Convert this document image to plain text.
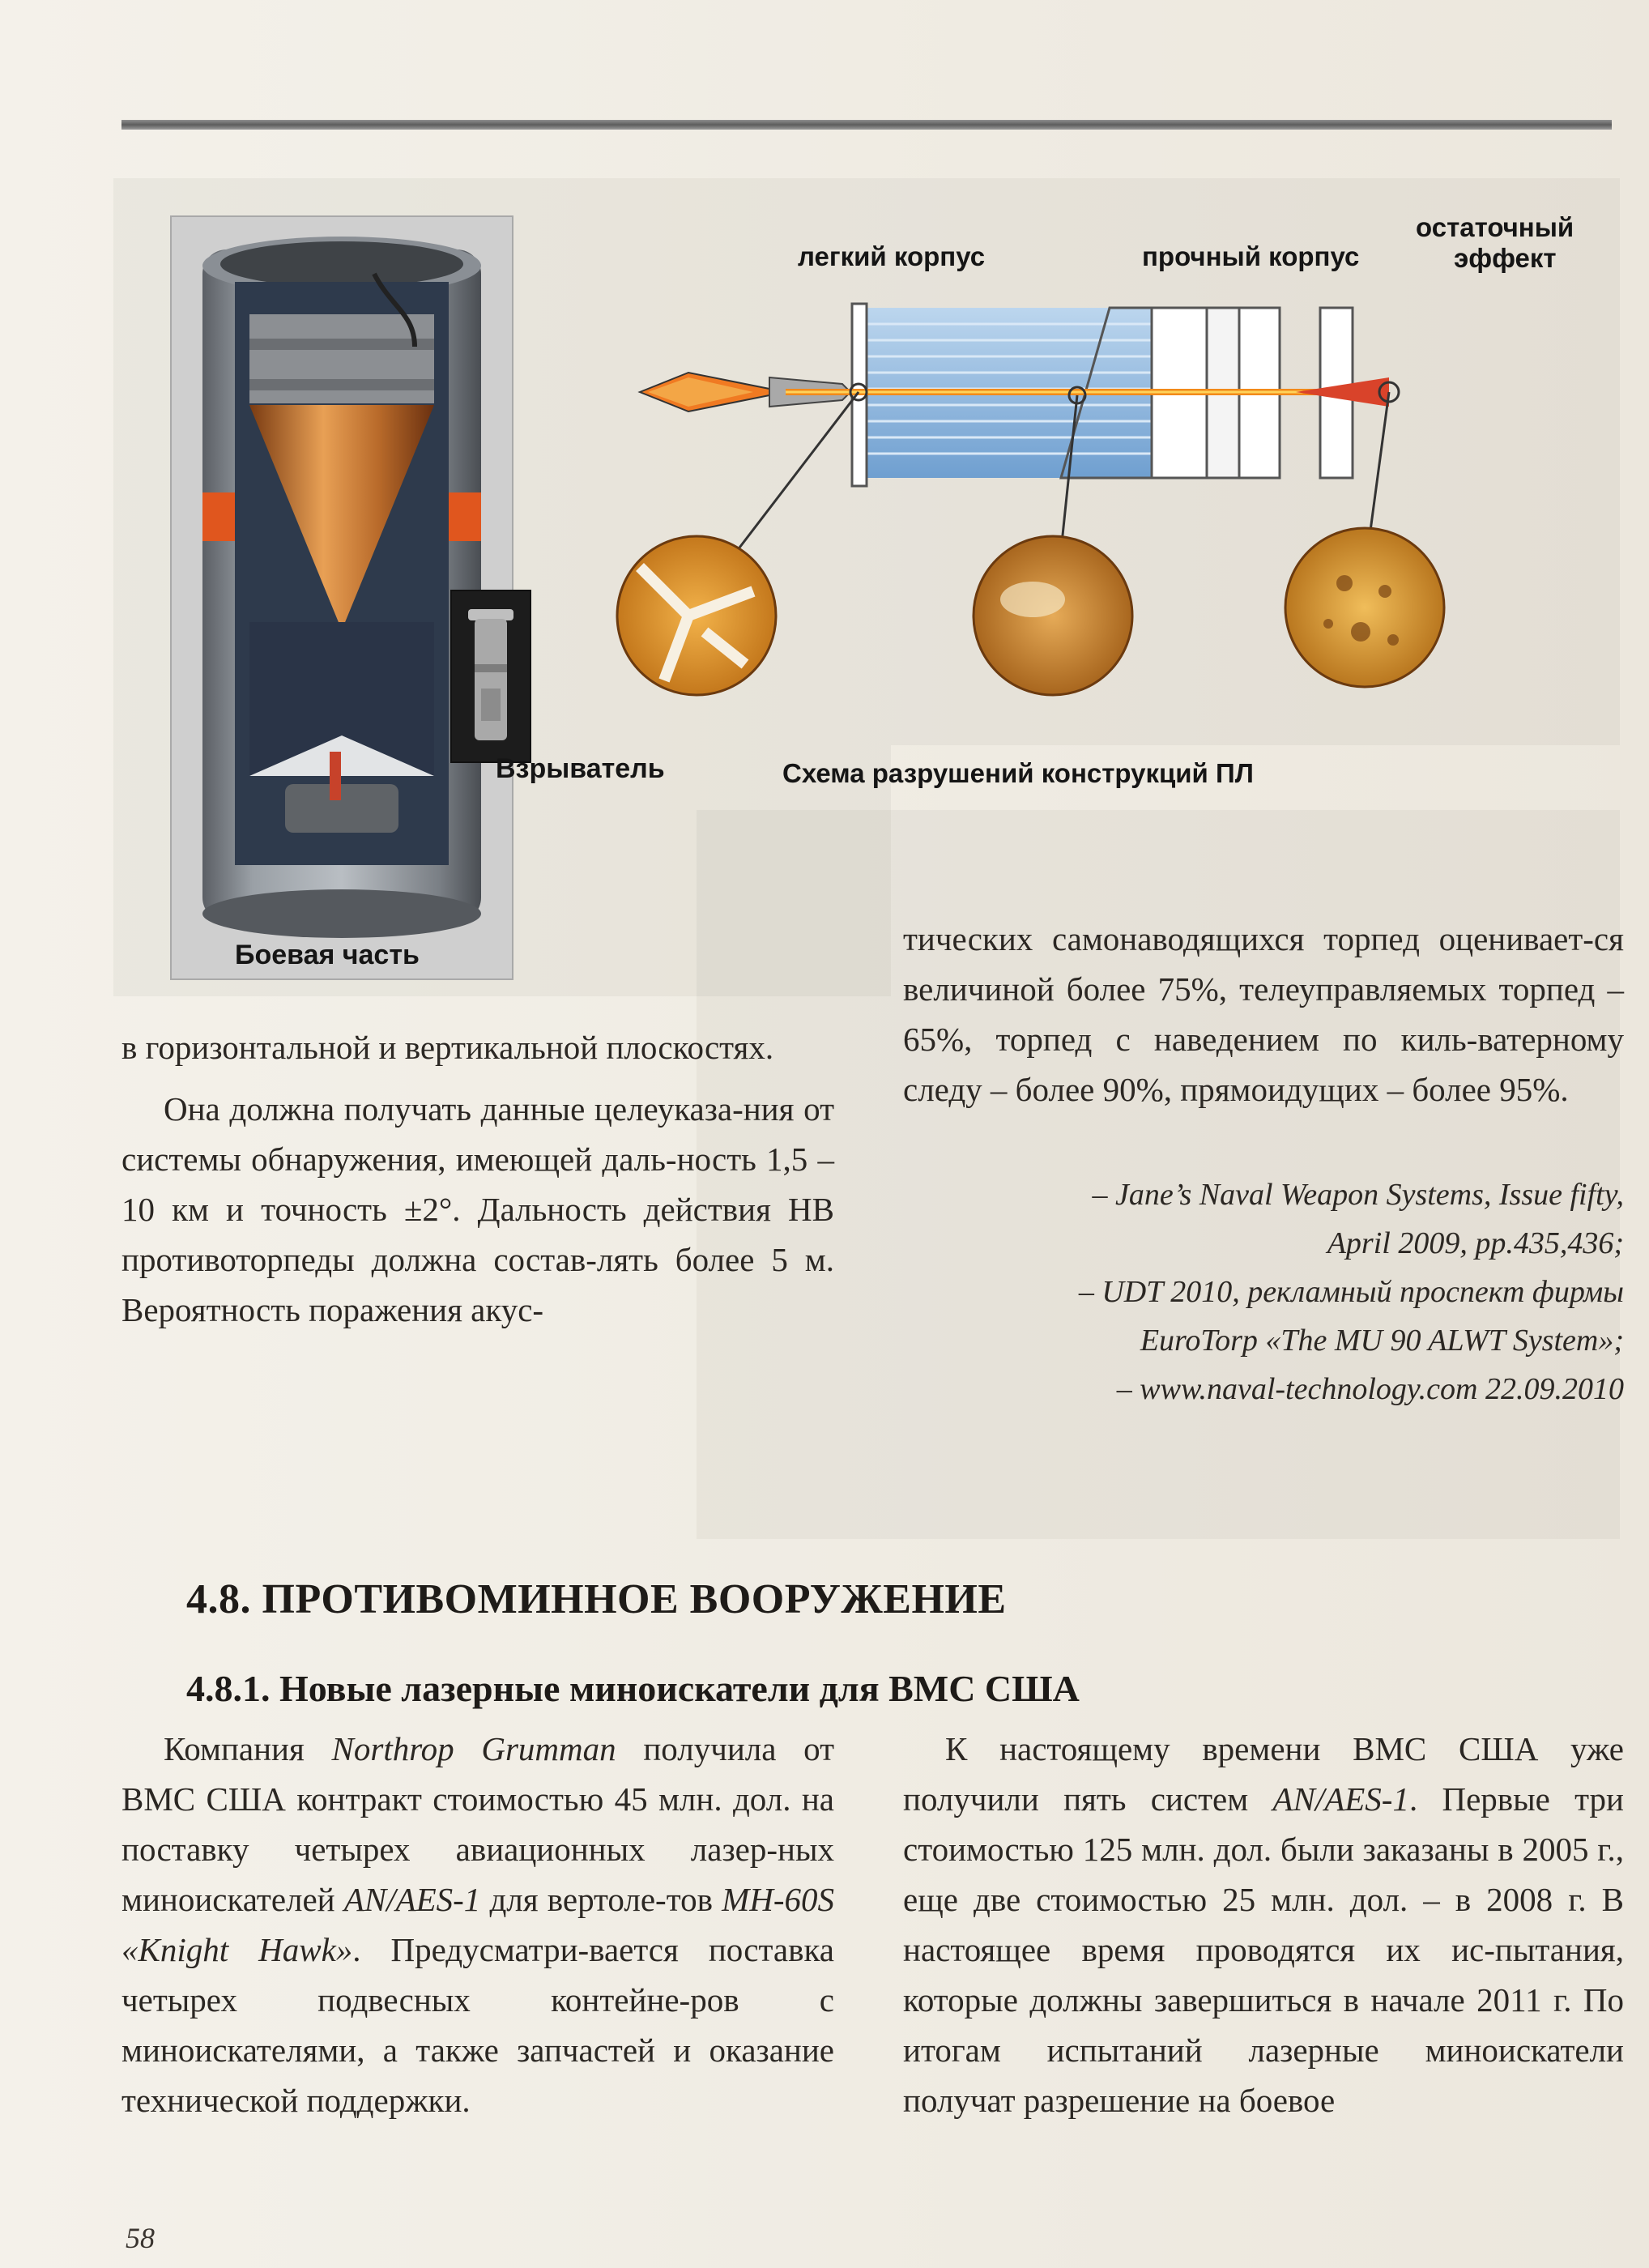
Взрыватель
Боевая часть
легкий корпус	прочный корпус
остаточный
эффект
Схема разрушений конструкций ПЛ

тических самонаводящихся торпед оценивает-ся величиной более 75%, телеуправляемых торпед – 65%, торпед с наведением по киль-ватерному следу – более 90%, прямоидущих – более 95%.

– Jane’s Naval Weapon Systems, Issue fifty,

April 2009, pp.435,436;

– UDT 2010, рекламный проспект фирмы

EuroTorp «The MU 90 ALWT System»;

– www.naval-technology.com 22.09.2010

в горизонтальной и вертикальной плоскостях.

Она должна получать данные целеуказа-ния от системы обнаружения, имеющей даль-ность 1,5 – 10 км и точность ±2°. Дальность действия НВ противоторпеды должна состав-лять более 5 м. Вероятность поражения акус-

4.8. ПРОТИВОМИННОЕ ВООРУЖЕНИЕ
4.8.1. Новые лазерные миноискатели для ВМС США

Компания Northrop Grumman получила от ВМС США контракт стоимостью 45 млн. дол. на поставку четырех авиационных лазер-ных миноискателей AN/AES-1 для вертоле-тов MH-60S «Knight Hawk». Предусматри-вается поставка четырех подвесных контейне-ров с миноискателями, а также запчастей и оказание технической поддержки.

К настоящему времени ВМС США уже получили пять систем AN/AES-1. Первые три стоимостью 125 млн. дол. были заказаны в 2005 г., еще две стоимостью 25 млн. дол. – в 2008 г. В настоящее время проводятся их ис-пытания, которые должны завершиться в начале 2011 г. По итогам испытаний лазерные миноискатели получат разрешение на боевое

58
